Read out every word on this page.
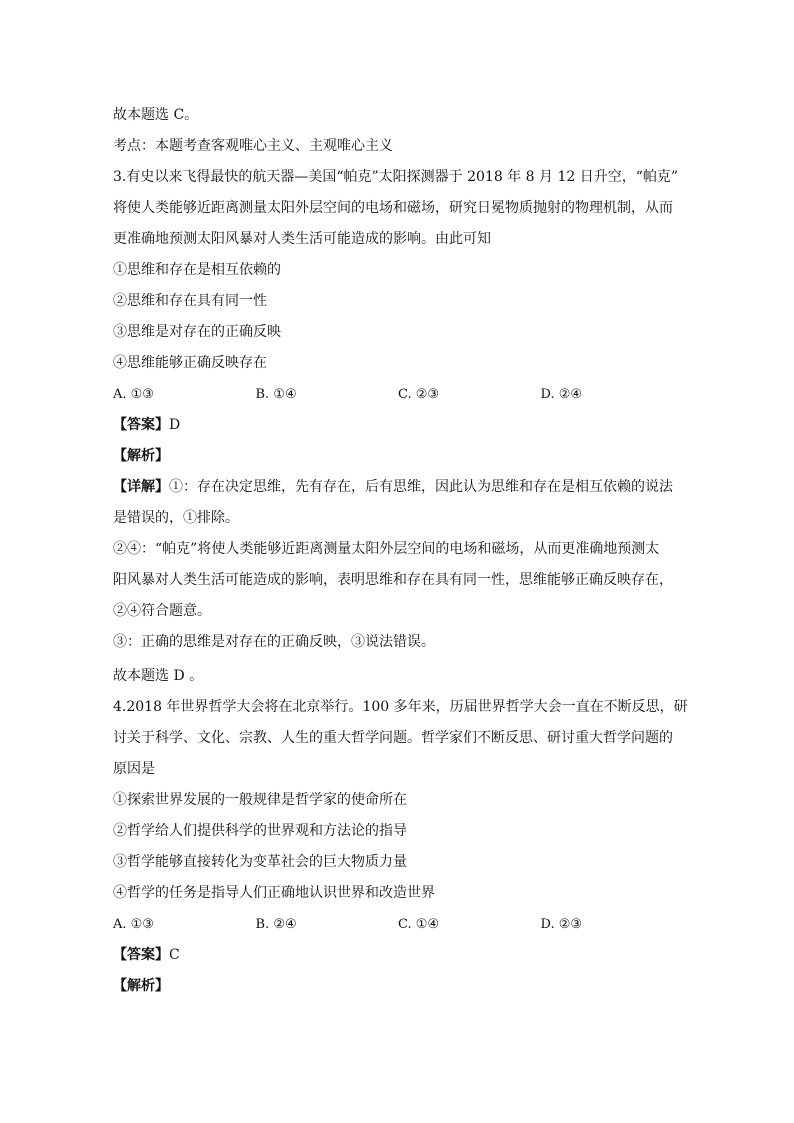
故本题选 C。
考点：本题考查客观唯心主义、主观唯心主义
3.有史以来飞得最快的航天器—美国“帕克”太阳探测器于 2018 年 8 月 12 日升空，“帕克”
将使人类能够近距离测量太阳外层空间的电场和磁场，研究日冕物质抛射的物理机制，从而
更准确地预测太阳风暴对人类生活可能造成的影响。由此可知
①思维和存在是相互依赖的
②思维和存在具有同一性
③思维是对存在的正确反映
④思维能够正确反映存在
A. ①③	B. ①④	C. ②③	D. ②④
【答案】D
【解析】
【详解】①：存在决定思维，先有存在，后有思维，因此认为思维和存在是相互依赖的说法
是错误的，①排除。
②④：“帕克”将使人类能够近距离测量太阳外层空间的电场和磁场，从而更准确地预测太
阳风暴对人类生活可能造成的影响，表明思维和存在具有同一性，思维能够正确反映存在，
②④符合题意。
③：正确的思维是对存在的正确反映，③说法错误。
故本题选 D 。
4.2018 年世界哲学大会将在北京举行。100 多年来，历届世界哲学大会一直在不断反思，研
讨关于科学、文化、宗教、人生的重大哲学问题。哲学家们不断反思、研讨重大哲学问题的
原因是
①探索世界发展的一般规律是哲学家的使命所在
②哲学给人们提供科学的世界观和方法论的指导
③哲学能够直接转化为变革社会的巨大物质力量
④哲学的任务是指导人们正确地认识世界和改造世界
A. ①③	B. ②④	C. ①④	D. ②③
【答案】C
【解析】
